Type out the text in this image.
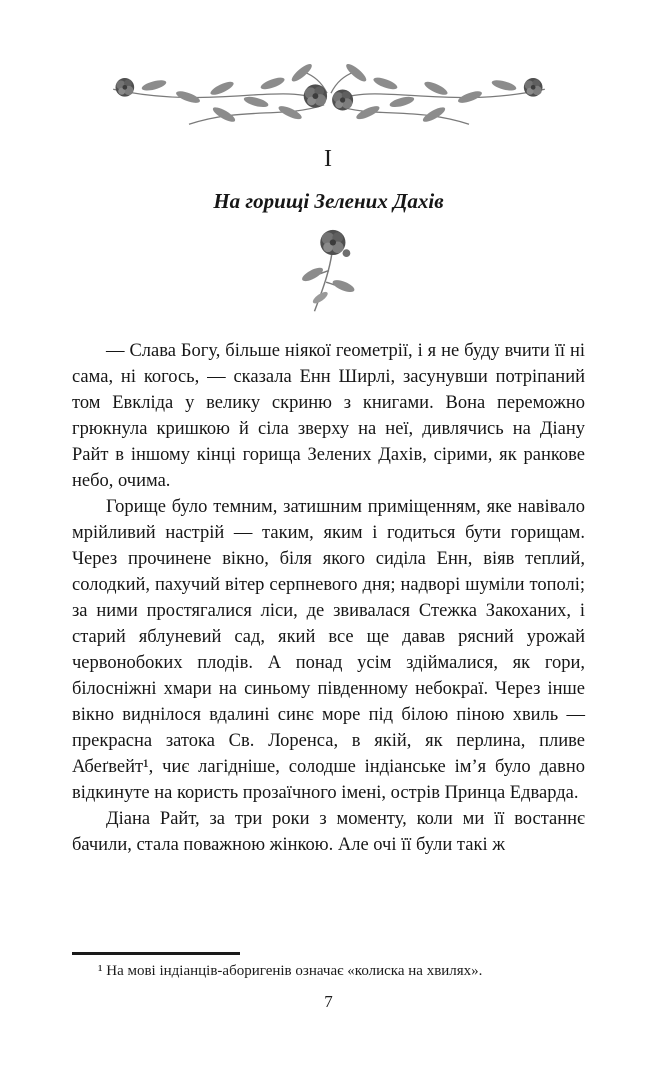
I
На горищі Зелених Дахів

— Слава Богу, більше ніякої геометрії, і я не буду вчити її ні сама, ні когось, — сказала Енн Ширлі, засунувши потріпаний том Евкліда у велику скриню з книгами. Вона переможно грюкнула кришкою й сіла зверху на неї, дивлячись на Діану Райт в іншому кінці горища Зелених Дахів, сірими, як ранкове небо, очима.

Горище було темним, затишним приміщенням, яке навівало мрійливий настрій — таким, яким і годиться бути горищам. Через прочинене вікно, біля якого сиділа Енн, віяв теплий, солодкий, пахучий вітер серпневого дня; надворі шуміли тополі; за ними простягалися ліси, де звивалася Стежка Закоханих, і старий яблуневий сад, який все ще давав рясний урожай червонобоких плодів. А понад усім здіймалися, як гори, білосніжні хмари на синьому південному небокраї. Через інше вікно виднілося вдалині синє море під білою піною хвиль — прекрасна затока Св. Лоренса, в якій, як перлина, пливе Абеґвейт¹, чиє лагідніше, солодше індіанське ім’я було давно відкинуте на користь прозаїчного імені, острів Принца Едварда.

Діана Райт, за три роки з моменту, коли ми її востаннє бачили, стала поважною жінкою. Але очі її були такі ж

¹ На мові індіанців-аборигенів означає «колиска на хвилях».

7
